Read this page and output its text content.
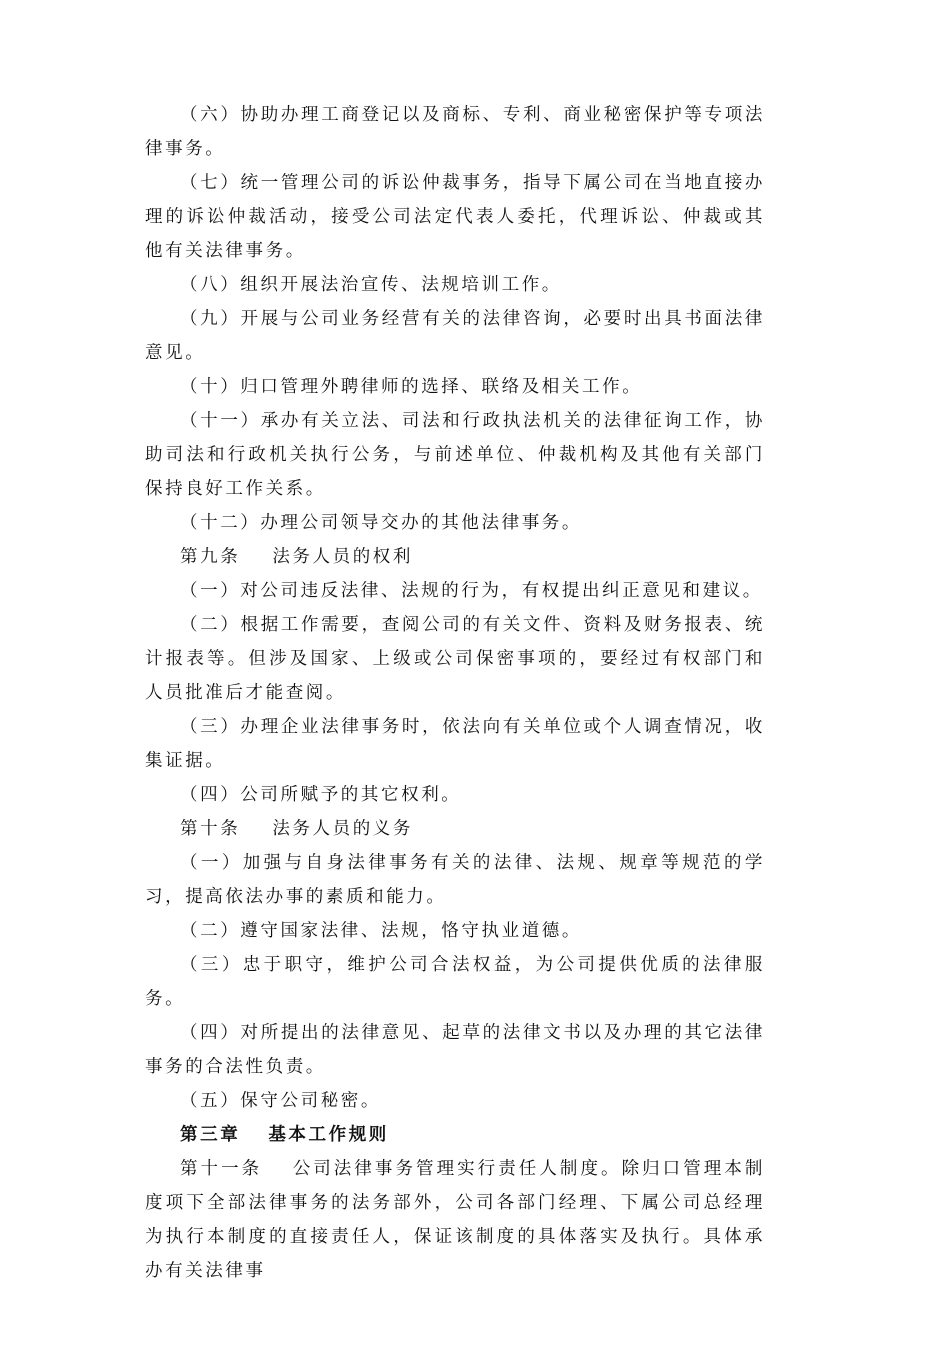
（六）协助办理工商登记以及商标、专利、商业秘密保护等专项法律事务。

（七）统一管理公司的诉讼仲裁事务，指导下属公司在当地直接办理的诉讼仲裁活动，接受公司法定代表人委托，代理诉讼、仲裁或其他有关法律事务。

（八）组织开展法治宣传、法规培训工作。

（九）开展与公司业务经营有关的法律咨询，必要时出具书面法律意见。

（十）归口管理外聘律师的选择、联络及相关工作。

（十一）承办有关立法、司法和行政执法机关的法律征询工作，协助司法和行政机关执行公务，与前述单位、仲裁机构及其他有关部门保持良好工作关系。

（十二）办理公司领导交办的其他法律事务。

第九条 法务人员的权利

（一）对公司违反法律、法规的行为，有权提出纠正意见和建议。

（二）根据工作需要，查阅公司的有关文件、资料及财务报表、统计报表等。但涉及国家、上级或公司保密事项的，要经过有权部门和人员批准后才能查阅。

（三）办理企业法律事务时，依法向有关单位或个人调查情况，收集证据。

（四）公司所赋予的其它权利。

第十条 法务人员的义务

（一）加强与自身法律事务有关的法律、法规、规章等规范的学习，提高依法办事的素质和能力。

（二）遵守国家法律、法规，恪守执业道德。

（三）忠于职守，维护公司合法权益，为公司提供优质的法律服务。

（四）对所提出的法律意见、起草的法律文书以及办理的其它法律事务的合法性负责。

（五）保守公司秘密。

第三章 基本工作规则

第十一条 公司法律事务管理实行责任人制度。除归口管理本制度项下全部法律事务的法务部外，公司各部门经理、下属公司总经理为执行本制度的直接责任人，保证该制度的具体落实及执行。具体承办有关法律事
